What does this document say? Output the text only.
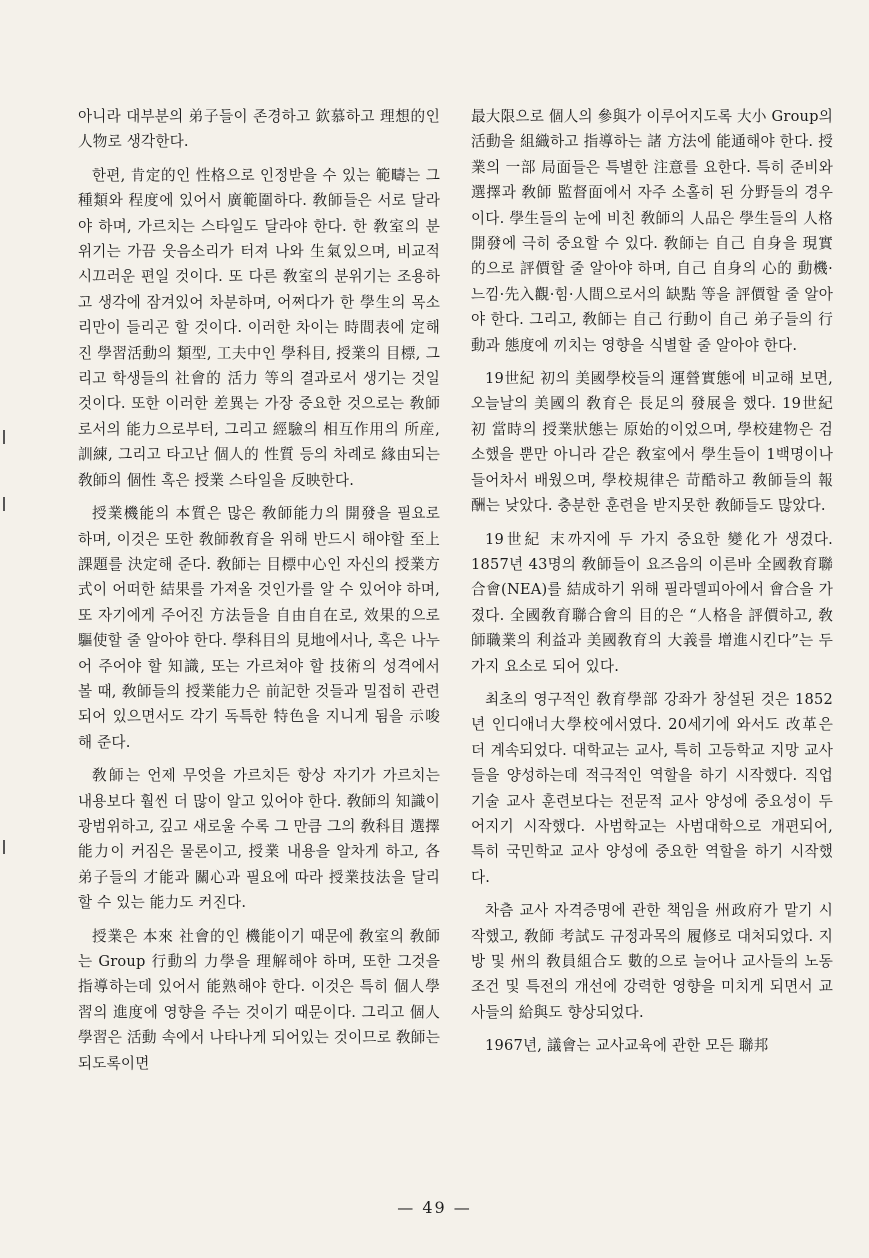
아니라 대부분의 弟子들이 존경하고 欽慕하고 理想的인 人物로 생각한다.

한편, 肯定的인 性格으로 인정받을 수 있는 範疇는 그 種類와 程度에 있어서 廣範圍하다. 敎師들은 서로 달라야 하며, 가르치는 스타일도 달라야 한다. 한 敎室의 분위기는 가끔 웃음소리가 터져 나와 生氣있으며, 비교적 시끄러운 편일 것이다. 또 다른 敎室의 분위기는 조용하고 생각에 잠겨있어 차분하며, 어쩌다가 한 學生의 목소리만이 들리곤 할 것이다. 이러한 차이는 時間表에 定해진 學習活動의 類型, 工夫中인 學科目, 授業의 目標, 그리고 학생들의 社會的 活力 等의 결과로서 생기는 것일 것이다. 또한 이러한 差異는 가장 중요한 것으로는 敎師로서의 能力으로부터, 그리고 經驗의 相互作用의 所産, 訓練, 그리고 타고난 個人的 性質 등의 차례로 緣由되는 敎師의 個性 혹은 授業 스타일을 反映한다.

授業機能의 本質은 많은 敎師能力의 開發을 필요로 하며, 이것은 또한 敎師敎育을 위해 반드시 해야할 至上課題를 決定해 준다. 敎師는 目標中心인 자신의 授業方式이 어떠한 結果를 가져올 것인가를 알 수 있어야 하며, 또 자기에게 주어진 方法들을 自由自在로, 效果的으로 驅使할 줄 알아야 한다. 學科目의 見地에서나, 혹은 나누어 주어야 할 知識, 또는 가르쳐야 할 技術의 성격에서 볼 때, 敎師들의 授業能力은 前記한 것들과 밀접히 관련되어 있으면서도 각기 독특한 特色을 지니게 됨을 示唆해 준다.

敎師는 언제 무엇을 가르치든 항상 자기가 가르치는 내용보다 훨씬 더 많이 알고 있어야 한다. 敎師의 知識이 광범위하고, 깊고 새로울 수록 그 만큼 그의 敎科目 選擇 能力이 커짐은 물론이고, 授業 내용을 알차게 하고, 各 弟子들의 才能과 關心과 필요에 따라 授業技法을 달리할 수 있는 能力도 커진다.

授業은 本來 社會的인 機能이기 때문에 敎室의 敎師는 Group 行動의 力學을 理解해야 하며, 또한 그것을 指導하는데 있어서 能熟해야 한다. 이것은 특히 個人學習의 進度에 영향을 주는 것이기 때문이다. 그리고 個人學習은 活動 속에서 나타나게 되어있는 것이므로 敎師는 되도록이면

最大限으로 個人의 參與가 이루어지도록 大小 Group의 活動을 組織하고 指導하는 諸 方法에 能通해야 한다. 授業의 一部 局面들은 특별한 注意를 요한다. 특히 준비와 選擇과 敎師 監督面에서 자주 소홀히 된 分野들의 경우이다. 學生들의 눈에 비친 敎師의 人品은 學生들의 人格開發에 극히 중요할 수 있다. 敎師는 自己 自身을 現實的으로 評價할 줄 알아야 하며, 自己 自身의 心的 動機·느낌·先入觀·힘·人間으로서의 缺點 等을 評價할 줄 알아야 한다. 그리고, 敎師는 自己 行動이 自己 弟子들의 行動과 態度에 끼치는 영향을 식별할 줄 알아야 한다.

19世紀 初의 美國學校들의 運營實態에 비교해 보면, 오늘날의 美國의 敎育은 長足의 發展을 했다. 19世紀 初 當時의 授業狀態는 原始的이었으며, 學校建物은 검소했을 뿐만 아니라 같은 敎室에서 學生들이 1백명이나 들어차서 배웠으며, 學校規律은 苛酷하고 敎師들의 報酬는 낮았다. 충분한 훈련을 받지못한 敎師들도 많았다.

19世紀 末까지에 두 가지 중요한 變化가 생겼다. 1857년 43명의 敎師들이 요즈음의 이른바 全國敎育聯合會(NEA)를 結成하기 위해 필라델피아에서 會合을 가졌다. 全國敎育聯合會의 目的은 “人格을 評價하고, 敎師職業의 利益과 美國敎育의 大義를 增進시킨다”는 두 가지 요소로 되어 있다.

최초의 영구적인 敎育學部 강좌가 창설된 것은 1852년 인디애너大學校에서였다. 20세기에 와서도 改革은 더 계속되었다. 대학교는 교사, 특히 고등학교 지망 교사들을 양성하는데 적극적인 역할을 하기 시작했다. 직업기술 교사 훈련보다는 전문적 교사 양성에 중요성이 두어지기 시작했다. 사범학교는 사범대학으로 개편되어, 특히 국민학교 교사 양성에 중요한 역할을 하기 시작했다.

차츰 교사 자격증명에 관한 책임을 州政府가 맡기 시작했고, 敎師 考試도 규정과목의 履修로 대처되었다. 지방 및 州의 敎員組合도 數的으로 늘어나 교사들의 노동조건 및 특전의 개선에 강력한 영향을 미치게 되면서 교사들의 給與도 향상되었다.

1967년, 議會는 교사교육에 관한 모든 聯邦

— 49 —
